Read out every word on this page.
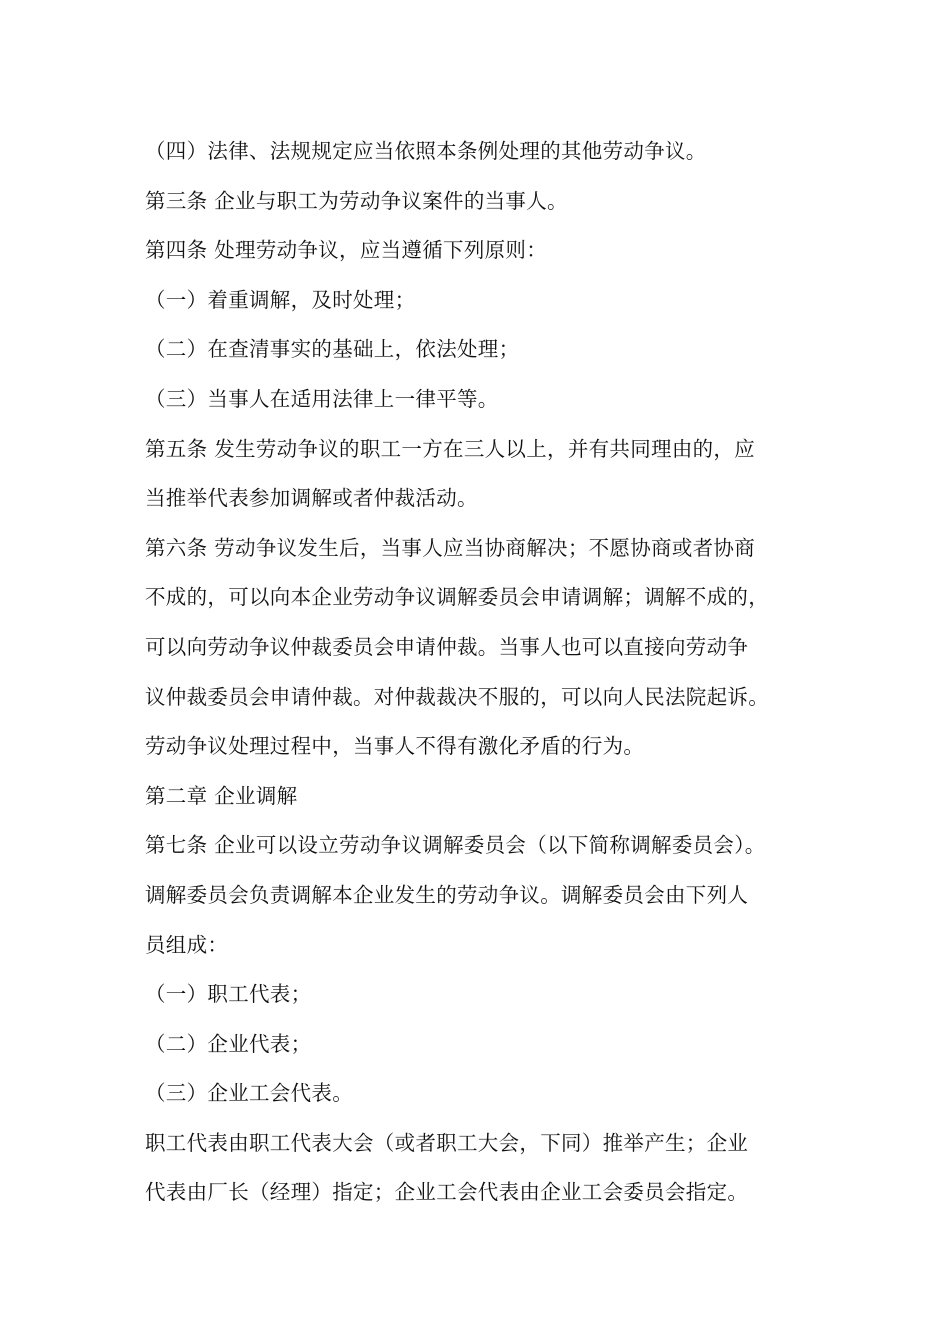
（四）法律、法规规定应当依照本条例处理的其他劳动争议。
第三条 企业与职工为劳动争议案件的当事人。
第四条 处理劳动争议，应当遵循下列原则：
（一）着重调解，及时处理；
（二）在查清事实的基础上，依法处理；
（三）当事人在适用法律上一律平等。
第五条 发生劳动争议的职工一方在三人以上，并有共同理由的，应
当推举代表参加调解或者仲裁活动。
第六条 劳动争议发生后，当事人应当协商解决；不愿协商或者协商
不成的，可以向本企业劳动争议调解委员会申请调解；调解不成的，
可以向劳动争议仲裁委员会申请仲裁。当事人也可以直接向劳动争
议仲裁委员会申请仲裁。对仲裁裁决不服的，可以向人民法院起诉。
劳动争议处理过程中，当事人不得有激化矛盾的行为。
第二章 企业调解
第七条 企业可以设立劳动争议调解委员会（以下简称调解委员会）。
调解委员会负责调解本企业发生的劳动争议。调解委员会由下列人
员组成：
（一）职工代表；
（二）企业代表；
（三）企业工会代表。
职工代表由职工代表大会（或者职工大会，下同）推举产生；企业
代表由厂长（经理）指定；企业工会代表由企业工会委员会指定。
